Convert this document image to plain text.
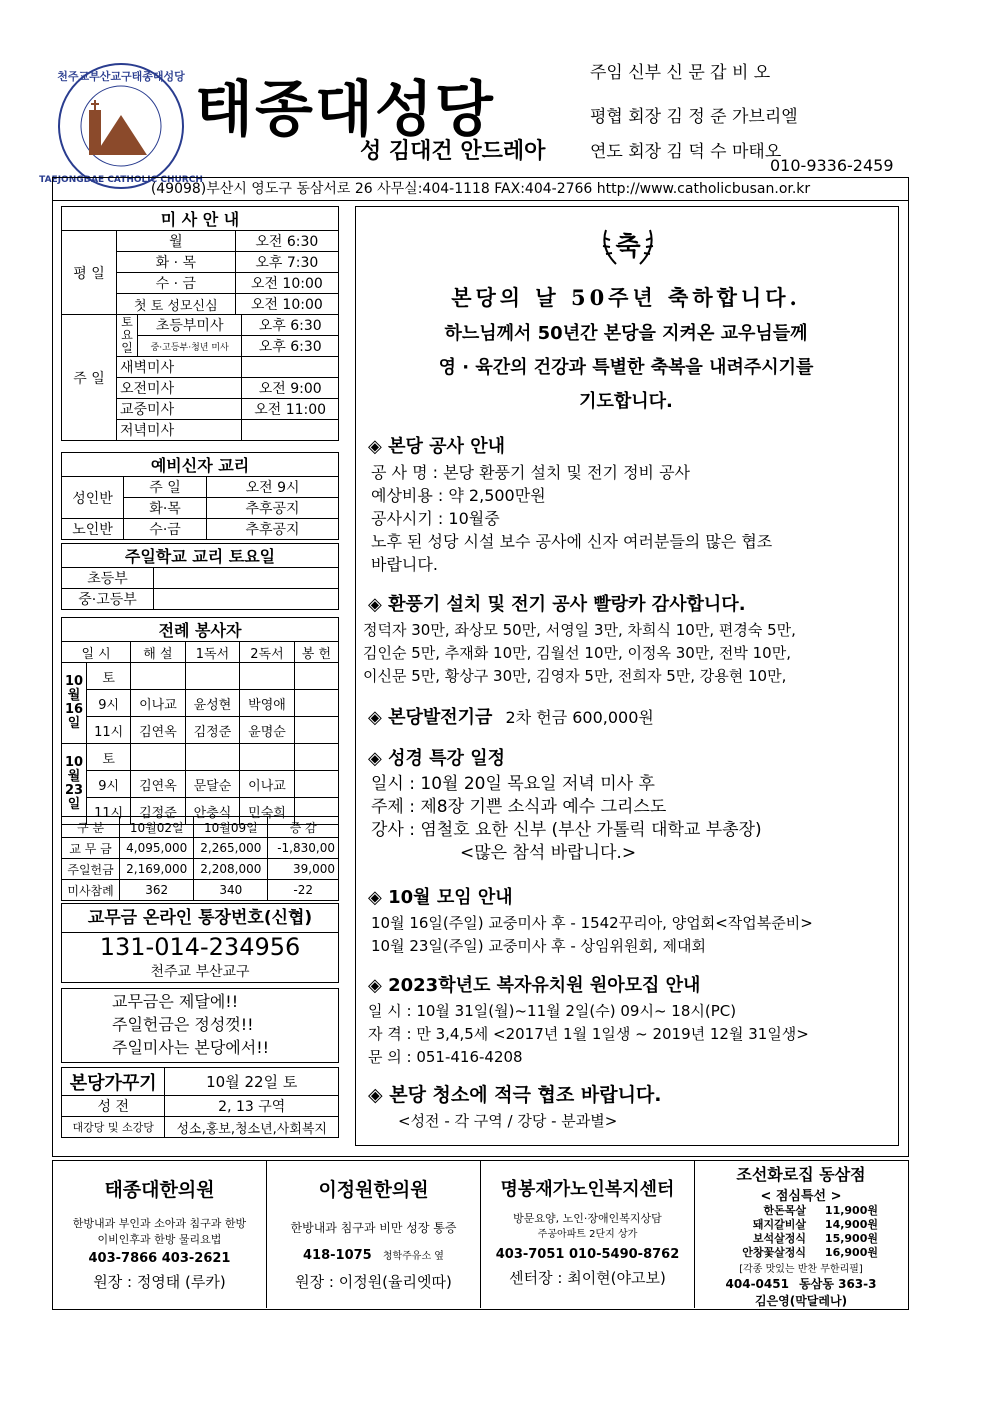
천주교부산교구태종대성당
TAEJONGDAE CATHOLIC CHURCH
태종대성당
성 김대건 안드레아
주임 신부 신 문 갑 비 오
평협 회장 김 정 준 가브리엘
연도 회장 김 덕 수 마태오
010-9336-2459
(49098)부산시 영도구 동삼서로 26 사무실:404-1118 FAX:404-2766 http://www.catholicbusan.or.kr
미 사 안 내		
평 일	월	오전 6:30
	화 · 목	오후 7:30
	수 · 금	오전 10:00
	첫 토 성모신심	오전 10:00
주 일	토요일	초등부미사	오후 6:30
		중·고등부·청년 미사	오후 6:30
	새벽미사		
	오전미사		오전 9:00
	교중미사		오전 11:00
	저녁미사		
예비신자 교리		
성인반	주 일	오전 9시
	화·목	추후공지
노인반	수·금	추후공지
주일학교 교리 토요일	
초등부	
중·고등부	
전례 봉사자					
일 시		해 설	1독서	2독서	봉 헌
10월16일	토				
	9시	이나교	윤성현	박영애	
	11시	김연옥	김정준	윤명순	
10월23일	토				
	9시	김연옥	문달순	이나교	
	11시	김정준	안충식	민숙희	
구 분	10월02일	10월09일	증 감
교 무 금	4,095,000	2,265,000	-1,830,00
주일헌금	2,169,000	2,208,000	39,000
미사참례	362	340	-22
교무금 온라인 통장번호(신협)
131-014-234956
천주교 부산교구
교무금은 제달에!!
주일헌금은 정성껏!!
주일미사는 본당에서!!
본당가꾸기	10월 22일 토
성 전	2, 13 구역
대강당 및 소강당	성소,홍보,청소년,사회복지
축
본당의 날 50주년 축하합니다.
하느님께서 50년간 본당을 지켜온 교우님들께
영 · 육간의 건강과 특별한 축복을 내려주시기를
기도합니다.
◈ 본당 공사 안내
공 사 명 : 본당 환풍기 설치 및 전기 정비 공사
예상비용 : 약 2,500만원
공사시기 : 10월중
노후 된 성당 시설 보수 공사에 신자 여러분들의 많은 협조
바랍니다.
◈ 환풍기 설치 및 전기 공사 빨랑카 감사합니다.
정덕자 30만, 좌상모 50만, 서영일 3만, 차희식 10만, 편경숙 5만,
김인순 5만, 추재화 10만, 김월선 10만, 이정옥 30만, 전박 10만,
이신문 5만, 황상구 30만, 김영자 5만, 전희자 5만, 강용현 10만,
◈ 본당발전기금 2차 헌금 600,000원
◈ 성경 특강 일정
일시 : 10월 20일 목요일 저녁 미사 후
주제 : 제8장 기쁜 소식과 예수 그리스도
강사 : 염철호 요한 신부 (부산 가톨릭 대학교 부총장)
<많은 참석 바랍니다.>
◈ 10월 모임 안내
10월 16일(주일) 교중미사 후 - 1542꾸리아, 양업회<작업복준비>
10월 23일(주일) 교중미사 후 - 상임위원회, 제대회
◈ 2023학년도 복자유치원 원아모집 안내
일 시 : 10월 31일(월)~11월 2일(수) 09시~ 18시(PC)
자 격 : 만 3,4,5세 <2017년 1월 1일생 ~ 2019년 12월 31일생>
문 의 : 051-416-4208
◈ 본당 청소에 적극 협조 바랍니다.
<성전 - 각 구역 / 강당 - 분과별>
태종대한의원
한방내과 부인과 소아과 침구과 한방
이비인후과 한방 물리요법
403-7866 403-2621
원장 : 정영태 (루카)
이정원한의원
한방내과 침구과 비만 성장 통증
418-1075 청학주유소 옆
원장 : 이정원(율리엣따)
명봉재가노인복지센터
방문요양, 노인·장애인복지상담
주공아파트 2단지 상가
403-7051 010-5490-8762
센터장 : 최이현(야고보)
조선화로집 동삼점
< 점심특선 >
한돈목살 11,900원
돼지갈비살 14,900원
보석살정식 15,900원
안창꽃살정식 16,900원
[각종 맛있는 반찬 무한리필]
404-0451 동삼동 363-3
김은영(막달레나)
